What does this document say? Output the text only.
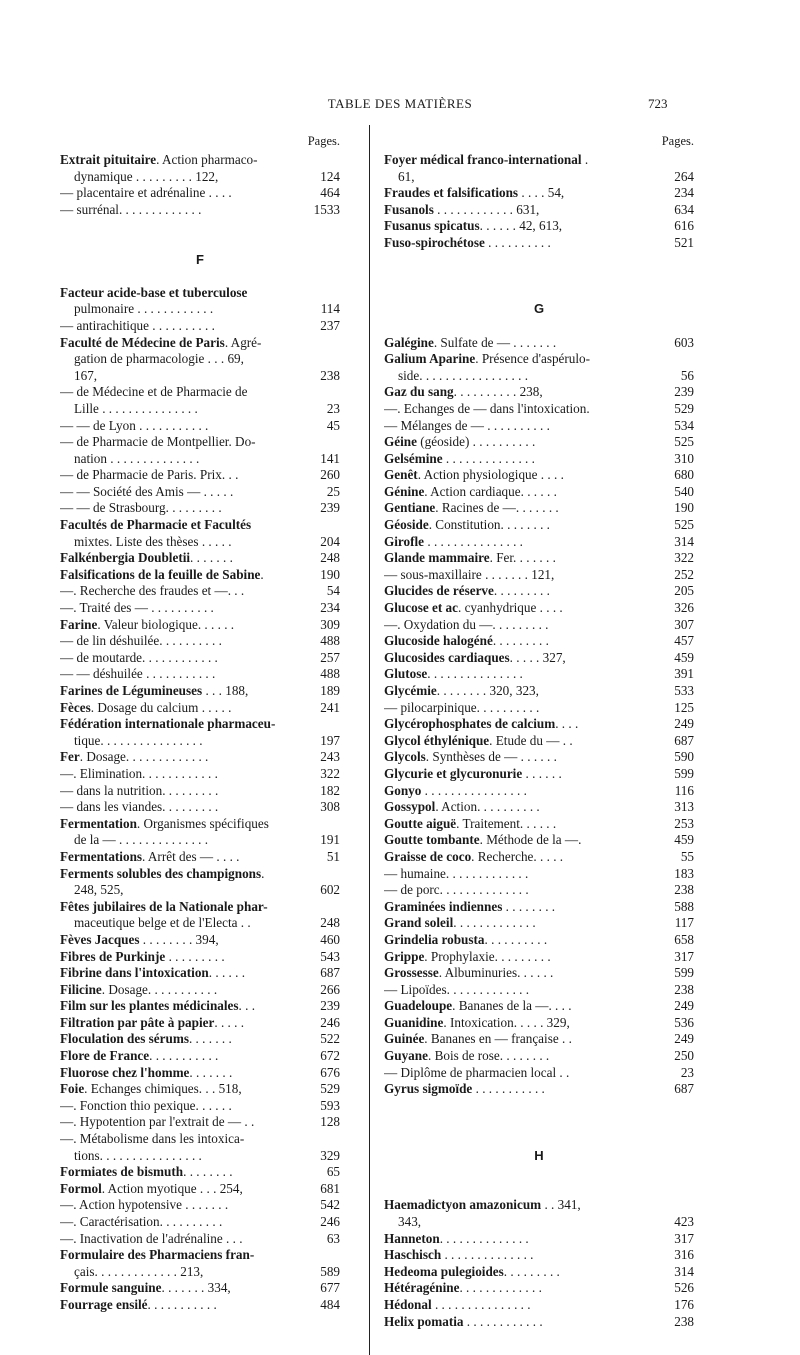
TABLE DES MATIÈRES	723
Pages.
Extrait pituitaire. Action pharmaco-
dynamique . . . . . . . . . 122,	124
— placentaire et adrénaline . . . .	464
— surrénal. . . . . . . . . . . . .	1533
F
Facteur acide-base et tuberculose
pulmonaire . . . . . . . . . . . .	114
— antirachitique . . . . . . . . . .	237
Faculté de Médecine de Paris. Agré-
gation de pharmacologie . . . 69,
167,	238
— de Médecine et de Pharmacie de
Lille . . . . . . . . . . . . . . .	23
— — de Lyon . . . . . . . . . . .	45
— de Pharmacie de Montpellier. Do-
nation . . . . . . . . . . . . . .	141
— de Pharmacie de Paris. Prix. . .	260
— — Société des Amis — . . . . .	25
— — de Strasbourg. . . . . . . . .	239
Facultés de Pharmacie et Facultés
mixtes. Liste des thèses . . . . .	204
Falkénbergia Doubletii. . . . . . .	248
Falsifications de la feuille de Sabine.	190
—. Recherche des fraudes et —. . .	54
—. Traité des — . . . . . . . . . .	234
Farine. Valeur biologique. . . . . .	309
— de lin déshuilée. . . . . . . . . .	488
— de moutarde. . . . . . . . . . . .	257
— — déshuilée . . . . . . . . . . .	488
Farines de Légumineuses . . . 188,	189
Fèces. Dosage du calcium . . . . .	241
Fédération internationale pharmaceu-
tique. . . . . . . . . . . . . . . .	197
Fer. Dosage. . . . . . . . . . . . .	243
—. Elimination. . . . . . . . . . . .	322
— dans la nutrition. . . . . . . . .	182
— dans les viandes. . . . . . . . .	308
Fermentation. Organismes spécifiques
de la — . . . . . . . . . . . . . .	191
Fermentations. Arrêt des — . . . .	51
Ferments solubles des champignons.
248, 525,	602
Fêtes jubilaires de la Nationale phar-
maceutique belge et de l'Electa . .	248
Fèves Jacques . . . . . . . . 394,	460
Fibres de Purkinje . . . . . . . . .	543
Fibrine dans l'intoxication. . . . . .	687
Filicine. Dosage. . . . . . . . . . .	266
Film sur les plantes médicinales. . .	239
Filtration par pâte à papier. . . . .	246
Floculation des sérums. . . . . . .	522
Flore de France. . . . . . . . . . .	672
Fluorose chez l'homme. . . . . . .	676
Foie. Echanges chimiques. . . 518,	529
—. Fonction thio pexique. . . . . .	593
—. Hypotention par l'extrait de — . .	128
—. Métabolisme dans les intoxica-
tions. . . . . . . . . . . . . . . .	329
Formiates de bismuth. . . . . . . .	65
Formol. Action myotique . . . 254,	681
—. Action hypotensive . . . . . . .	542
—. Caractérisation. . . . . . . . . .	246
—. Inactivation de l'adrénaline . . .	63
Formulaire des Pharmaciens fran-
çais. . . . . . . . . . . . . 213,	589
Formule sanguine. . . . . . . 334,	677
Fourrage ensilé. . . . . . . . . . .	484
Pages.
Foyer médical franco-international .
61,	264
Fraudes et falsifications . . . . 54,	234
Fusanols . . . . . . . . . . . . 631,	634
Fusanus spicatus. . . . . . 42, 613,	616
Fuso-spirochétose . . . . . . . . . .	521
G
Galégine. Sulfate de — . . . . . . .	603
Galium Aparine. Présence d'aspérulo-
side. . . . . . . . . . . . . . . . .	56
Gaz du sang. . . . . . . . . . 238,	239
—. Echanges de — dans l'intoxication.	529
— Mélanges de — . . . . . . . . . .	534
Géine (géoside) . . . . . . . . . .	525
Gelsémine . . . . . . . . . . . . . .	310
Genêt. Action physiologique . . . .	680
Génine. Action cardiaque. . . . . .	540
Gentiane. Racines de —. . . . . . .	190
Géoside. Constitution. . . . . . . .	525
Girofle . . . . . . . . . . . . . . .	314
Glande mammaire. Fer. . . . . . .	322
— sous-maxillaire . . . . . . . 121,	252
Glucides de réserve. . . . . . . . .	205
Glucose et ac. cyanhydrique . . . .	326
—. Oxydation du —. . . . . . . . .	307
Glucoside halogéné. . . . . . . . .	457
Glucosides cardiaques. . . . . 327,	459
Glutose. . . . . . . . . . . . . . .	391
Glycémie. . . . . . . . 320, 323,	533
— pilocarpinique. . . . . . . . . .	125
Glycérophosphates de calcium. . . .	249
Glycol éthylénique. Etude du — . .	687
Glycols. Synthèses de — . . . . . .	590
Glycurie et glycuronurie . . . . . .	599
Gonyo . . . . . . . . . . . . . . . .	116
Gossypol. Action. . . . . . . . . .	313
Goutte aiguë. Traitement. . . . . .	253
Goutte tombante. Méthode de la —.	459
Graisse de coco. Recherche. . . . .	55
— humaine. . . . . . . . . . . . .	183
— de porc. . . . . . . . . . . . . .	238
Graminées indiennes . . . . . . . .	588
Grand soleil. . . . . . . . . . . . .	117
Grindelia robusta. . . . . . . . . .	658
Grippe. Prophylaxie. . . . . . . . .	317
Grossesse. Albuminuries. . . . . .	599
— Lipoïdes. . . . . . . . . . . . .	238
Guadeloupe. Bananes de la —. . . .	249
Guanidine. Intoxication. . . . . 329,	536
Guinée. Bananes en — française . .	249
Guyane. Bois de rose. . . . . . . .	250
— Diplôme de pharmacien local . .	23
Gyrus sigmoïde . . . . . . . . . . .	687
H
Haemadictyon amazonicum . . 341,
343,	423
Hanneton. . . . . . . . . . . . . .	317
Haschisch . . . . . . . . . . . . . .	316
Hedeoma pulegioides. . . . . . . . .	314
Hétéragénine. . . . . . . . . . . . .	526
Hédonal . . . . . . . . . . . . . . .	176
Helix pomatia . . . . . . . . . . . .	238
